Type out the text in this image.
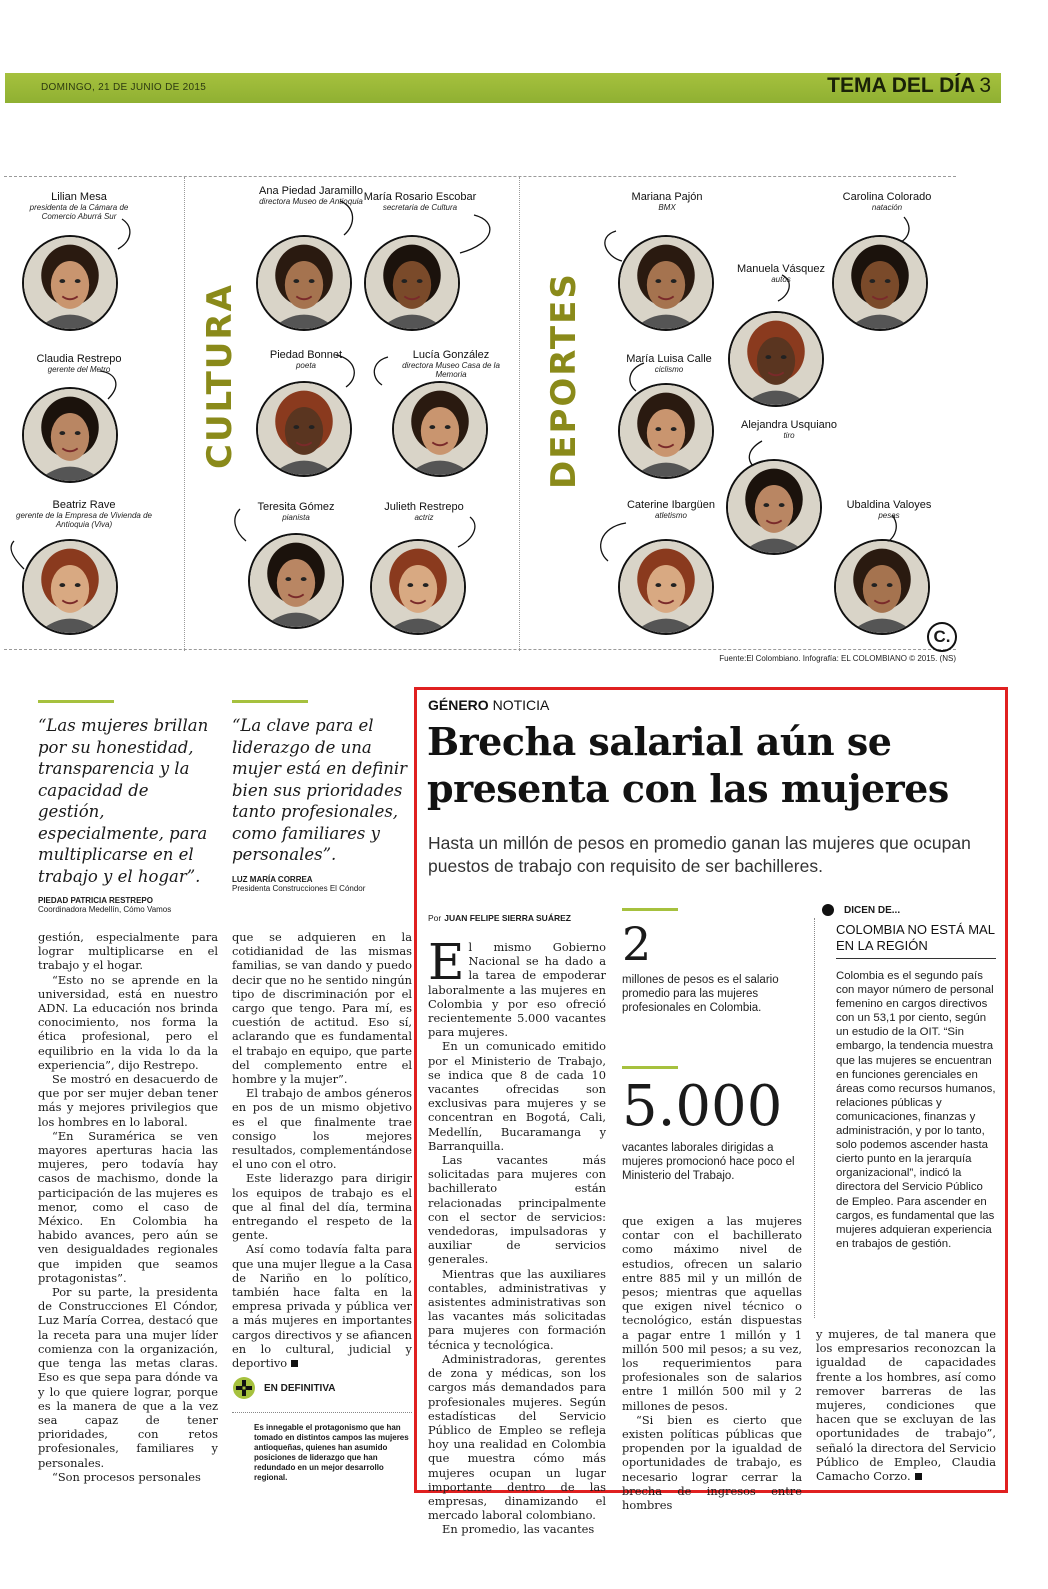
DOMINGO, 21 DE JUNIO DE 2015	TEMA DEL DÍA 3
CULTURA	DEPORTES
Lilian Mesa
presidenta de la Cámara de Comercio Aburrá Sur
Claudia Restrepo
gerente del Metro
Beatriz Rave
gerente de la Empresa de Vivienda de Antioquia (Viva)
Ana Piedad Jaramillo
directora Museo de Antioquia María Rosario Escobar
secretaria de Cultura
Piedad Bonnet
poeta
Lucía González
directora Museo Casa de la Memoria
Teresita Gómez
pianista
Julieth Restrepo
actriz
Mariana Pajón
BMX
Carolina Colorado
natación
Manuela Vásquez
autos
María Luisa Calle
ciclismo
Alejandra Usquiano
tiro
Caterine Ibargüen
atletismo
Ubaldina Valoyes
pesas
C.
Fuente:El Colombiano. Infografía: EL COLOMBIANO © 2015. (NS)
“Las mujeres brillan por su honestidad, transparencia y la capacidad de gestión, especialmente, para multiplicarse en el trabajo y el hogar”.
PIEDAD PATRICIA RESTREPO
Coordinadora Medellín, Cómo Vamos
“La clave para el liderazgo de una mujer está en definir bien sus prioridades tanto profesionales, como familiares y personales”.
LUZ MARÍA CORREA
Presidenta Construcciones El Cóndor

gestión, especialmente para lograr multiplicarse en el trabajo y el hogar.

“Esto no se aprende en la universidad, está en nuestro ADN. La educación nos brinda conocimiento, nos forma la ética profesional, pero el equilibrio en la vida lo da la experiencia”, dijo Restrepo.

Se mostró en desacuerdo de que por ser mujer deban tener más y mejores privilegios que los hombres en lo laboral.

“En Suramérica se ven mayores aperturas hacia las mujeres, pero todavía hay casos de machismo, donde la participación de las mujeres es menor, como el caso de México. En Colombia ha habido avances, pero aún se ven desigualdades regionales que impiden que seamos protagonistas”.

Por su parte, la presidenta de Construcciones El Cóndor, Luz María Correa, destacó que la receta para una mujer líder comienza con la organización, que tenga las metas claras. Eso es que sepa para dónde va y lo que quiere lograr, porque es la manera de que a la vez sea capaz de tener prioridades, con retos profesionales, familiares y personales.

“Son procesos personales

que se adquieren en la cotidianidad de las mismas familias, se van dando y puedo decir que no he sentido ningún tipo de discriminación por el cargo que tengo. Para mí, es cuestión de actitud. Eso sí, aclarando que es fundamental el trabajo en equipo, que parte del complemento entre el hombre y la mujer”.

El trabajo de ambos géneros en pos de un mismo objetivo es el que finalmente trae consigo los mejores resultados, complementándose el uno con el otro.

Este liderazgo para dirigir los equipos de trabajo es el que al final del día, termina entregando el respeto de la gente.

Así como todavía falta para que una mujer llegue a la Casa de Nariño en lo político, también hace falta en la empresa privada y pública ver a más mujeres en importantes cargos directivos y se afiancen en lo cultural, judicial y deportivo

EN DEFINITIVA
Es innegable el protagonismo que han tomado en distintos campos las mujeres antioqueñas, quienes han asumido posiciones de liderazgo que han redundado en un mejor desarrollo regional.
GÉNERO NOTICIA
Brecha salarial aún se presenta con las mujeres
Hasta un millón de pesos en promedio ganan las mujeres que ocupan puestos de trabajo con requisito de ser bachilleres.
Por JUAN FELIPE SIERRA SUÁREZ

El mismo Gobierno Nacional se ha dado a la tarea de empoderar laboralmente a las mujeres en Colombia y por eso ofreció recientemente 5.000 vacantes para mujeres.

En un comunicado emitido por el Ministerio de Trabajo, se indica que 8 de cada 10 vacantes ofrecidas son exclusivas para mujeres y se concentran en Bogotá, Cali, Medellín, Bucaramanga y Barranquilla.

Las vacantes más solicitadas para mujeres con bachillerato están relacionadas principalmente con el sector de servicios: vendedoras, impulsadoras y auxiliar de servicios generales.

Mientras que las auxiliares contables, administrativas y asistentes administrativas son las vacantes más solicitadas para mujeres con formación técnica y tecnológica.

Administradoras, gerentes de zona y médicas, son los cargos más demandados para profesionales mujeres. Según estadísticas del Servicio Público de Empleo se refleja hoy una realidad en Colombia que muestra cómo más mujeres ocupan un lugar importante dentro de las empresas, dinamizando el mercado laboral colombiano.

En promedio, las vacantes

2
millones de pesos es el salario promedio para las mujeres profesionales en Colombia.
5.000
vacantes laborales dirigidas a mujeres promocionó hace poco el Ministerio del Trabajo.

que exigen a las mujeres contar con el bachillerato como máximo nivel de estudios, ofrecen un salario entre 885 mil y un millón de pesos; mientras que aquellas que exigen nivel técnico o tecnológico, están dispuestas a pagar entre 1 millón y 1 millón 500 mil pesos; a su vez, los requerimientos para profesionales son de salarios entre 1 millón 500 mil y 2 millones de pesos.

“Si bien es cierto que existen políticas públicas que propenden por la igualdad de oportunidades de trabajo, es necesario lograr cerrar la brecha de ingresos entre hombres

DICEN DE...
COLOMBIA NO ESTÁ MAL EN LA REGIÓN
Colombia es el segundo país con mayor número de personal femenino en cargos directivos con un 53,1 por ciento, según un estudio de la OIT. “Sin embargo, la tendencia muestra que las mujeres se encuentran en funciones gerenciales en áreas como recursos humanos, relaciones públicas y comunicaciones, finanzas y administración, y por lo tanto, solo podemos ascender hasta cierto punto en la jerarquía organizacional”, indicó la directora del Servicio Público de Empleo. Para ascender en cargos, es fundamental que las mujeres adquieran experiencia en trabajos de gestión.

y mujeres, de tal manera que los empresarios reconozcan la igualdad de capacidades frente a los hombres, así como remover barreras de las mujeres, condiciones que hacen que se excluyan de las oportunidades de trabajo”, señaló la directora del Servicio Público de Empleo, Claudia Camacho Corzo.
